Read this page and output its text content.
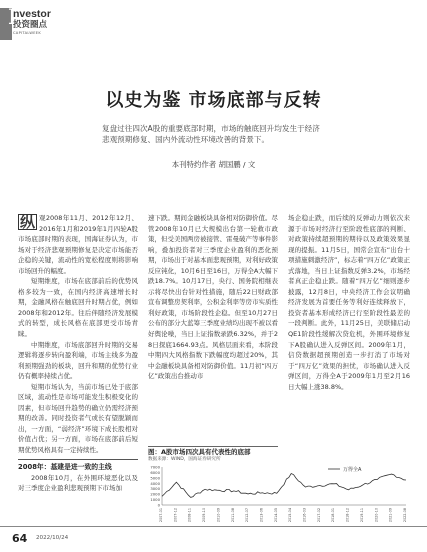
I
nvestor
投资圈点
CAPITALWEEK
以史为鉴 市场底部与反转
复盘过往四次A股的重要底部时期，市场的触底回升均发生于经济悲观预期修复、国内外流动性环境改善的背景下。
本刊特约作者 胡国鹏 / 文

纵 观2008年11月、2012年12月、2016年1月和2019年1月四轮A股市场底部时期的表现，国海证券认为，市场对于经济悲观预期修复是决定市场能否企稳的关键，流动性的宽松程度则将影响市场回升的幅度。

短期维度，市场在底部前后的优势风格多较为一致，在国内经济高速增长时期，金融风格在触底回升时期占优，例如2008年和2012年。往后伴随经济发展模式的转型，成长风格在底部更受市场青睐。

中期维度，市场底部回升时期的交易逻辑将逐步转向盈利端，市场主线多为盈利预期强劲的板块，回升和期的优势行业仍有概率持续占优。

短期市场认为，当前市场已处于底部区域，流动性是市场可能发生积极变化的因素，但市场回升趋势的确立仍需经济预期的改善。同时投资者气或长有望脱颖而出，一方面，“弱经济”环境下成长股相对价值占优；另一方面，市场在底部前后短期优势风格具有一定持续性。

2008年：基建是进一致的主线

2008年10月，在外围环境恶化以及对三季度企业盈利悲观预期下市场加

速下跌。期间金融板块具备相对防御价值。尽管2008年10月已大规模出台第一轮救市政策，但受美国两房被接管、雷曼破产等事件影响，叠加投资者对三季度企业盈利的恶化预期，市场出于对基本面悲观预期，对利好政策反应钝化，10月6日至16日，万得全A大幅下跌18.7%。10月17日，央行、国务院相继表示将尽快出台针对性措施，随后22日财政部宣布调整房契利率，公积金利率等房市实质性利好政策，市场阶段性企稳。但至10月27日公布的部分大蓝筹三季度业绩均出现不被以看好舆论噪，当日上证指数录跌6.32%，并于28日探底1664.93点。风格层面来看，本阶段中期四大风格指数下跌幅度均超过20%，其中金融板块具备相对防御价值。11月初“四万亿”政策出台推动市

场企稳止跌，而后续的反弹动力则依次来源于市场对经济行至阶段性底部的判断、对政策持续超预期的期待以及政策效果显现的提振。11月5日，国常会宣布“出台十项措施刺激经济”，标志着“四万亿”政策正式落地，当日上证指数反弹3.2%，市场经者真正企稳止跌。随着“四万亿”细则逐步披露，12月8日，中央经济工作会议明确经济发展为首要任务等利好连续释放下，投资者基本形成经济已行至阶段性最差的一段判断。此外，11月25日，美联储启动QE1阶段性缓解次贷危机，外围环境修复下A股确认进入反弹区间。2009年1月，信贷数据超预期创造一步打消了市场对于“四万亿”效果的担忧，市场确认进入反弹区间，万得全A于2009年1月至2月16日大幅上涨38.8%。

图：A股市场四次具有代表性的底部
数据来源：WIND，国海证券研究所
0
1000
2000
3000
4000
5000
6000
7000
2007-01	2007-12	2008-11	2009-10	2010-09	2011-08	2012-07	2013-06	2014-05	2015-04	2016-03	2017-02	2018-01	2018-12	2019-11	2020-10	2021-09	2022-08
万得全A
64 2022/10/24
